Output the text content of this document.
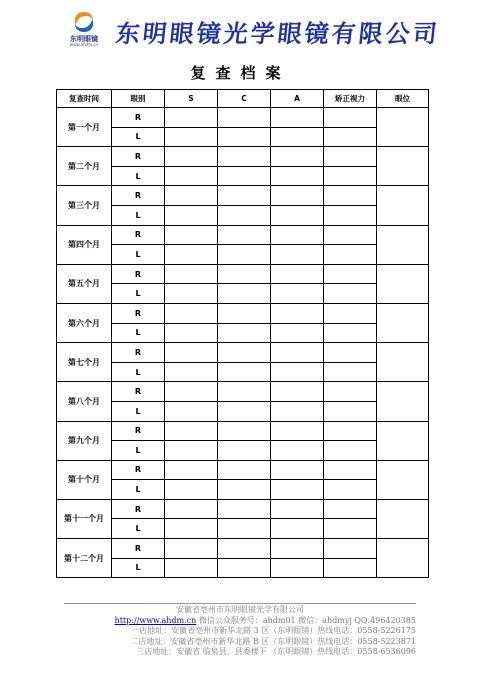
东明眼镜
www.ahdm.cn 东明眼镜光学眼镜有限公司
复查档案
复查时间	眼别	S	C	A	矫正视力	眼位
第一个月	R					
	L					
第二个月	R					
	L					
第三个月	R					
	L					
第四个月	R					
	L					
第五个月	R					
	L					
第六个月	R					
	L					
第七个月	R					
	L					
第八个月	R					
	L					
第九个月	R					
	L					
第十个月	R					
	L					
第十一个月	R					
	L					
第十二个月	R					
	L					
安徽省亳州市东明眼镜光学有限公司
http://www.ahdm.cn 微信公众服务号：ahdm01 微信：ahdmyj QQ:496420385
一店地址：安徽省亳州市新华北路 3 区（东明眼镜）热线电话：0558-5226175
二店地址：安徽省亳州市新华北路 B 区（东明眼镜）热线电话：0558-5223871
三店地址：安徽省 临泉县、县委楼下 （东明眼镜）热线电话：0558-6536096
